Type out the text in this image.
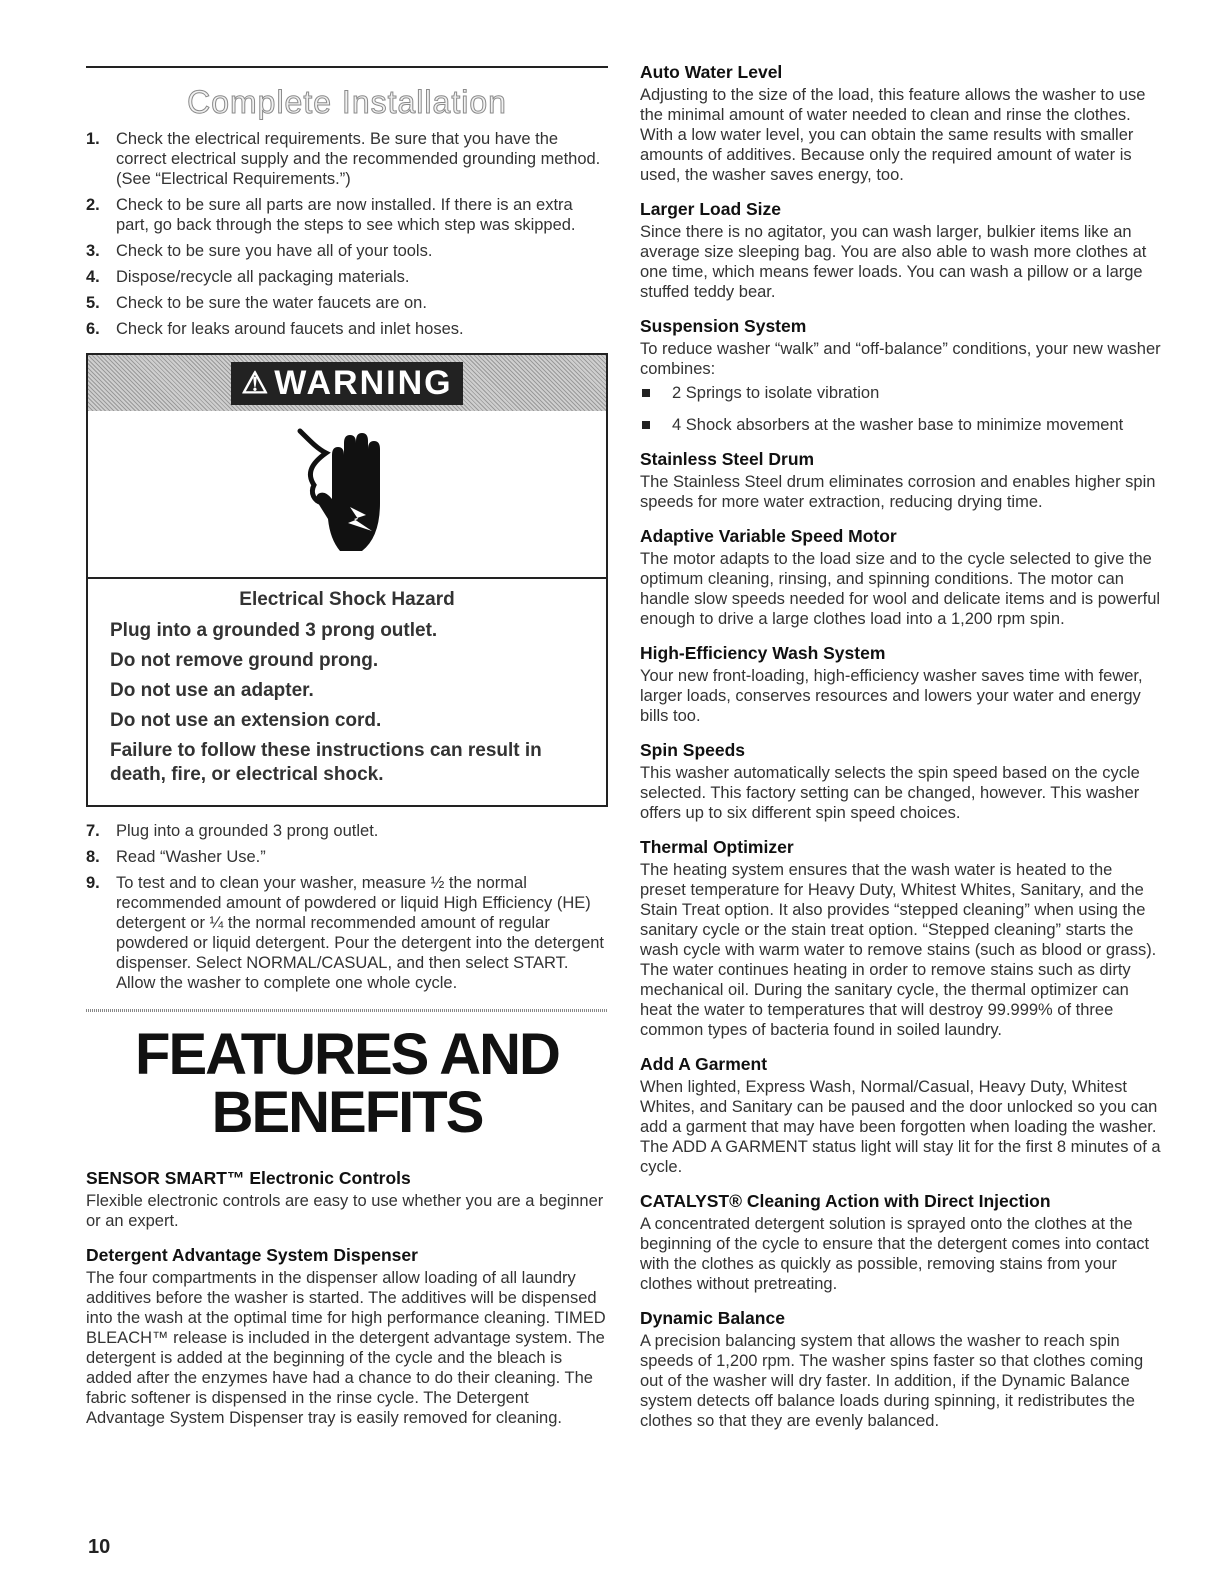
Complete Installation
1. Check the electrical requirements. Be sure that you have the correct electrical supply and the recommended grounding method. (See “Electrical Requirements.”)
2. Check to be sure all parts are now installed. If there is an extra part, go back through the steps to see which step was skipped.
3. Check to be sure you have all of your tools.
4. Dispose/recycle all packaging materials.
5. Check to be sure the water faucets are on.
6. Check for leaks around faucets and inlet hoses.
⚠ WARNING
Electrical Shock Hazard
Plug into a grounded 3 prong outlet.
Do not remove ground prong.
Do not use an adapter.
Do not use an extension cord.
Failure to follow these instructions can result in death, fire, or electrical shock.
7. Plug into a grounded 3 prong outlet.
8. Read “Washer Use.”
9. To test and to clean your washer, measure ½ the normal recommended amount of powdered or liquid High Efficiency (HE) detergent or ¼ the normal recommended amount of regular powdered or liquid detergent. Pour the detergent into the detergent dispenser. Select NORMAL/CASUAL, and then select START. Allow the washer to complete one whole cycle.
FEATURES AND
BENEFITS
SENSOR SMART™ Electronic Controls

Flexible electronic controls are easy to use whether you are a beginner or an expert.

Detergent Advantage System Dispenser

The four compartments in the dispenser allow loading of all laundry additives before the washer is started. The additives will be dispensed into the wash at the optimal time for high performance cleaning. TIMED BLEACH™ release is included in the detergent advantage system. The detergent is added at the beginning of the cycle and the bleach is added after the enzymes have had a chance to do their cleaning. The fabric softener is dispensed in the rinse cycle. The Detergent Advantage System Dispenser tray is easily removed for cleaning.

Auto Water Level

Adjusting to the size of the load, this feature allows the washer to use the minimal amount of water needed to clean and rinse the clothes. With a low water level, you can obtain the same results with smaller amounts of additives. Because only the required amount of water is used, the washer saves energy, too.

Larger Load Size

Since there is no agitator, you can wash larger, bulkier items like an average size sleeping bag. You are also able to wash more clothes at one time, which means fewer loads. You can wash a pillow or a large stuffed teddy bear.

Suspension System

To reduce washer “walk” and “off-balance” conditions, your new washer combines:

2 Springs to isolate vibration
4 Shock absorbers at the washer base to minimize movement
Stainless Steel Drum

The Stainless Steel drum eliminates corrosion and enables higher spin speeds for more water extraction, reducing drying time.

Adaptive Variable Speed Motor

The motor adapts to the load size and to the cycle selected to give the optimum cleaning, rinsing, and spinning conditions. The motor can handle slow speeds needed for wool and delicate items and is powerful enough to drive a large clothes load into a 1,200 rpm spin.

High-Efficiency Wash System

Your new front-loading, high-efficiency washer saves time with fewer, larger loads, conserves resources and lowers your water and energy bills too.

Spin Speeds

This washer automatically selects the spin speed based on the cycle selected. This factory setting can be changed, however. This washer offers up to six different spin speed choices.

Thermal Optimizer

The heating system ensures that the wash water is heated to the preset temperature for Heavy Duty, Whitest Whites, Sanitary, and the Stain Treat option. It also provides “stepped cleaning” when using the sanitary cycle or the stain treat option. “Stepped cleaning” starts the wash cycle with warm water to remove stains (such as blood or grass). The water continues heating in order to remove stains such as dirty mechanical oil. During the sanitary cycle, the thermal optimizer can heat the water to temperatures that will destroy 99.999% of three common types of bacteria found in soiled laundry.

Add A Garment

When lighted, Express Wash, Normal/Casual, Heavy Duty, Whitest Whites, and Sanitary can be paused and the door unlocked so you can add a garment that may have been forgotten when loading the washer. The ADD A GARMENT status light will stay lit for the first 8 minutes of a cycle.

CATALYST® Cleaning Action with Direct Injection

A concentrated detergent solution is sprayed onto the clothes at the beginning of the cycle to ensure that the detergent comes into contact with the clothes as quickly as possible, removing stains from your clothes without pretreating.

Dynamic Balance

A precision balancing system that allows the washer to reach spin speeds of 1,200 rpm. The washer spins faster so that clothes coming out of the washer will dry faster. In addition, if the Dynamic Balance system detects off balance loads during spinning, it redistributes the clothes so that they are evenly balanced.

10
